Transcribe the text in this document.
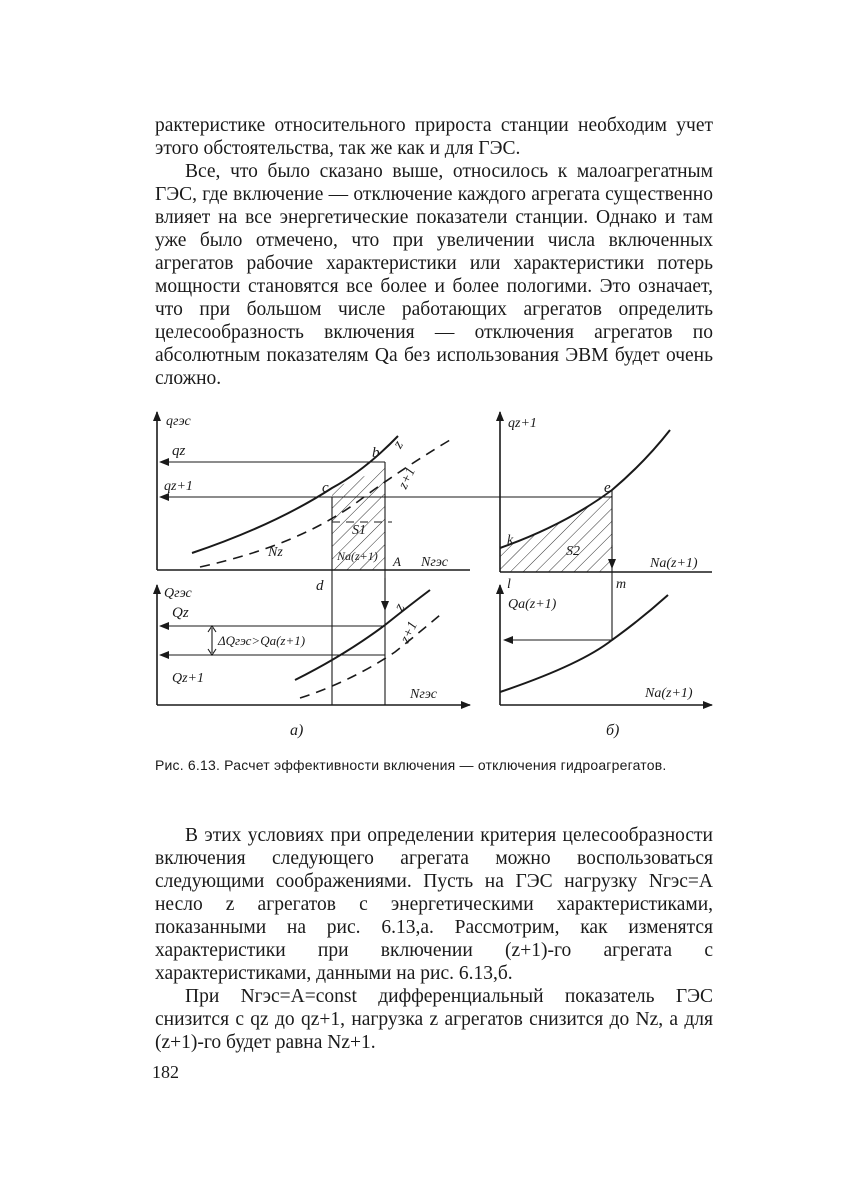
рактеристике относительного прироста станции необходим учет этого обстоятельства, так же как и для ГЭС.

Все, что было сказано выше, относилось к малоагрегатным ГЭС, где включение — отключение каждого агрегата существенно влияет на все энергетические показатели станции. Однако и там уже было отмечено, что при увеличении числа включенных агрегатов рабочие характеристики или характеристики потерь мощности становятся все более и более пологими. Это означает, что при большом числе работающих агрегатов определить целесообразность включения — отключения агрегатов по абсолютным показателям Qа без использования ЭВМ будет очень сложно.

qгэс
qz
qz+1
b
c
z
z+1
S1
Nz	Nа(z+1) A Nгэс
d
Qгэс
Qz
ΔQгэс>Qа(z+1)
Qz+1
z
z+1
Nгэс
а)
qz+1
e
k
S2
Nа(z+1)
l	m
Qа(z+1)
Nа(z+1)
б)
Рис. 6.13. Расчет эффективности включения — отключения гидроагрегатов.

В этих условиях при определении критерия целесообразности включения следующего агрегата можно воспользоваться следующими соображениями. Пусть на ГЭС нагрузку Nгэс=A несло z агрегатов с энергетическими характеристиками, показанными на рис. 6.13,а. Рассмотрим, как изменятся характеристики при включении (z+1)-го агрегата с характеристиками, данными на рис. 6.13,б.

При Nгэс=A=const дифференциальный показатель ГЭС снизится с qz до qz+1, нагрузка z агрегатов снизится до Nz, а для (z+1)-го будет равна Nz+1.

182
